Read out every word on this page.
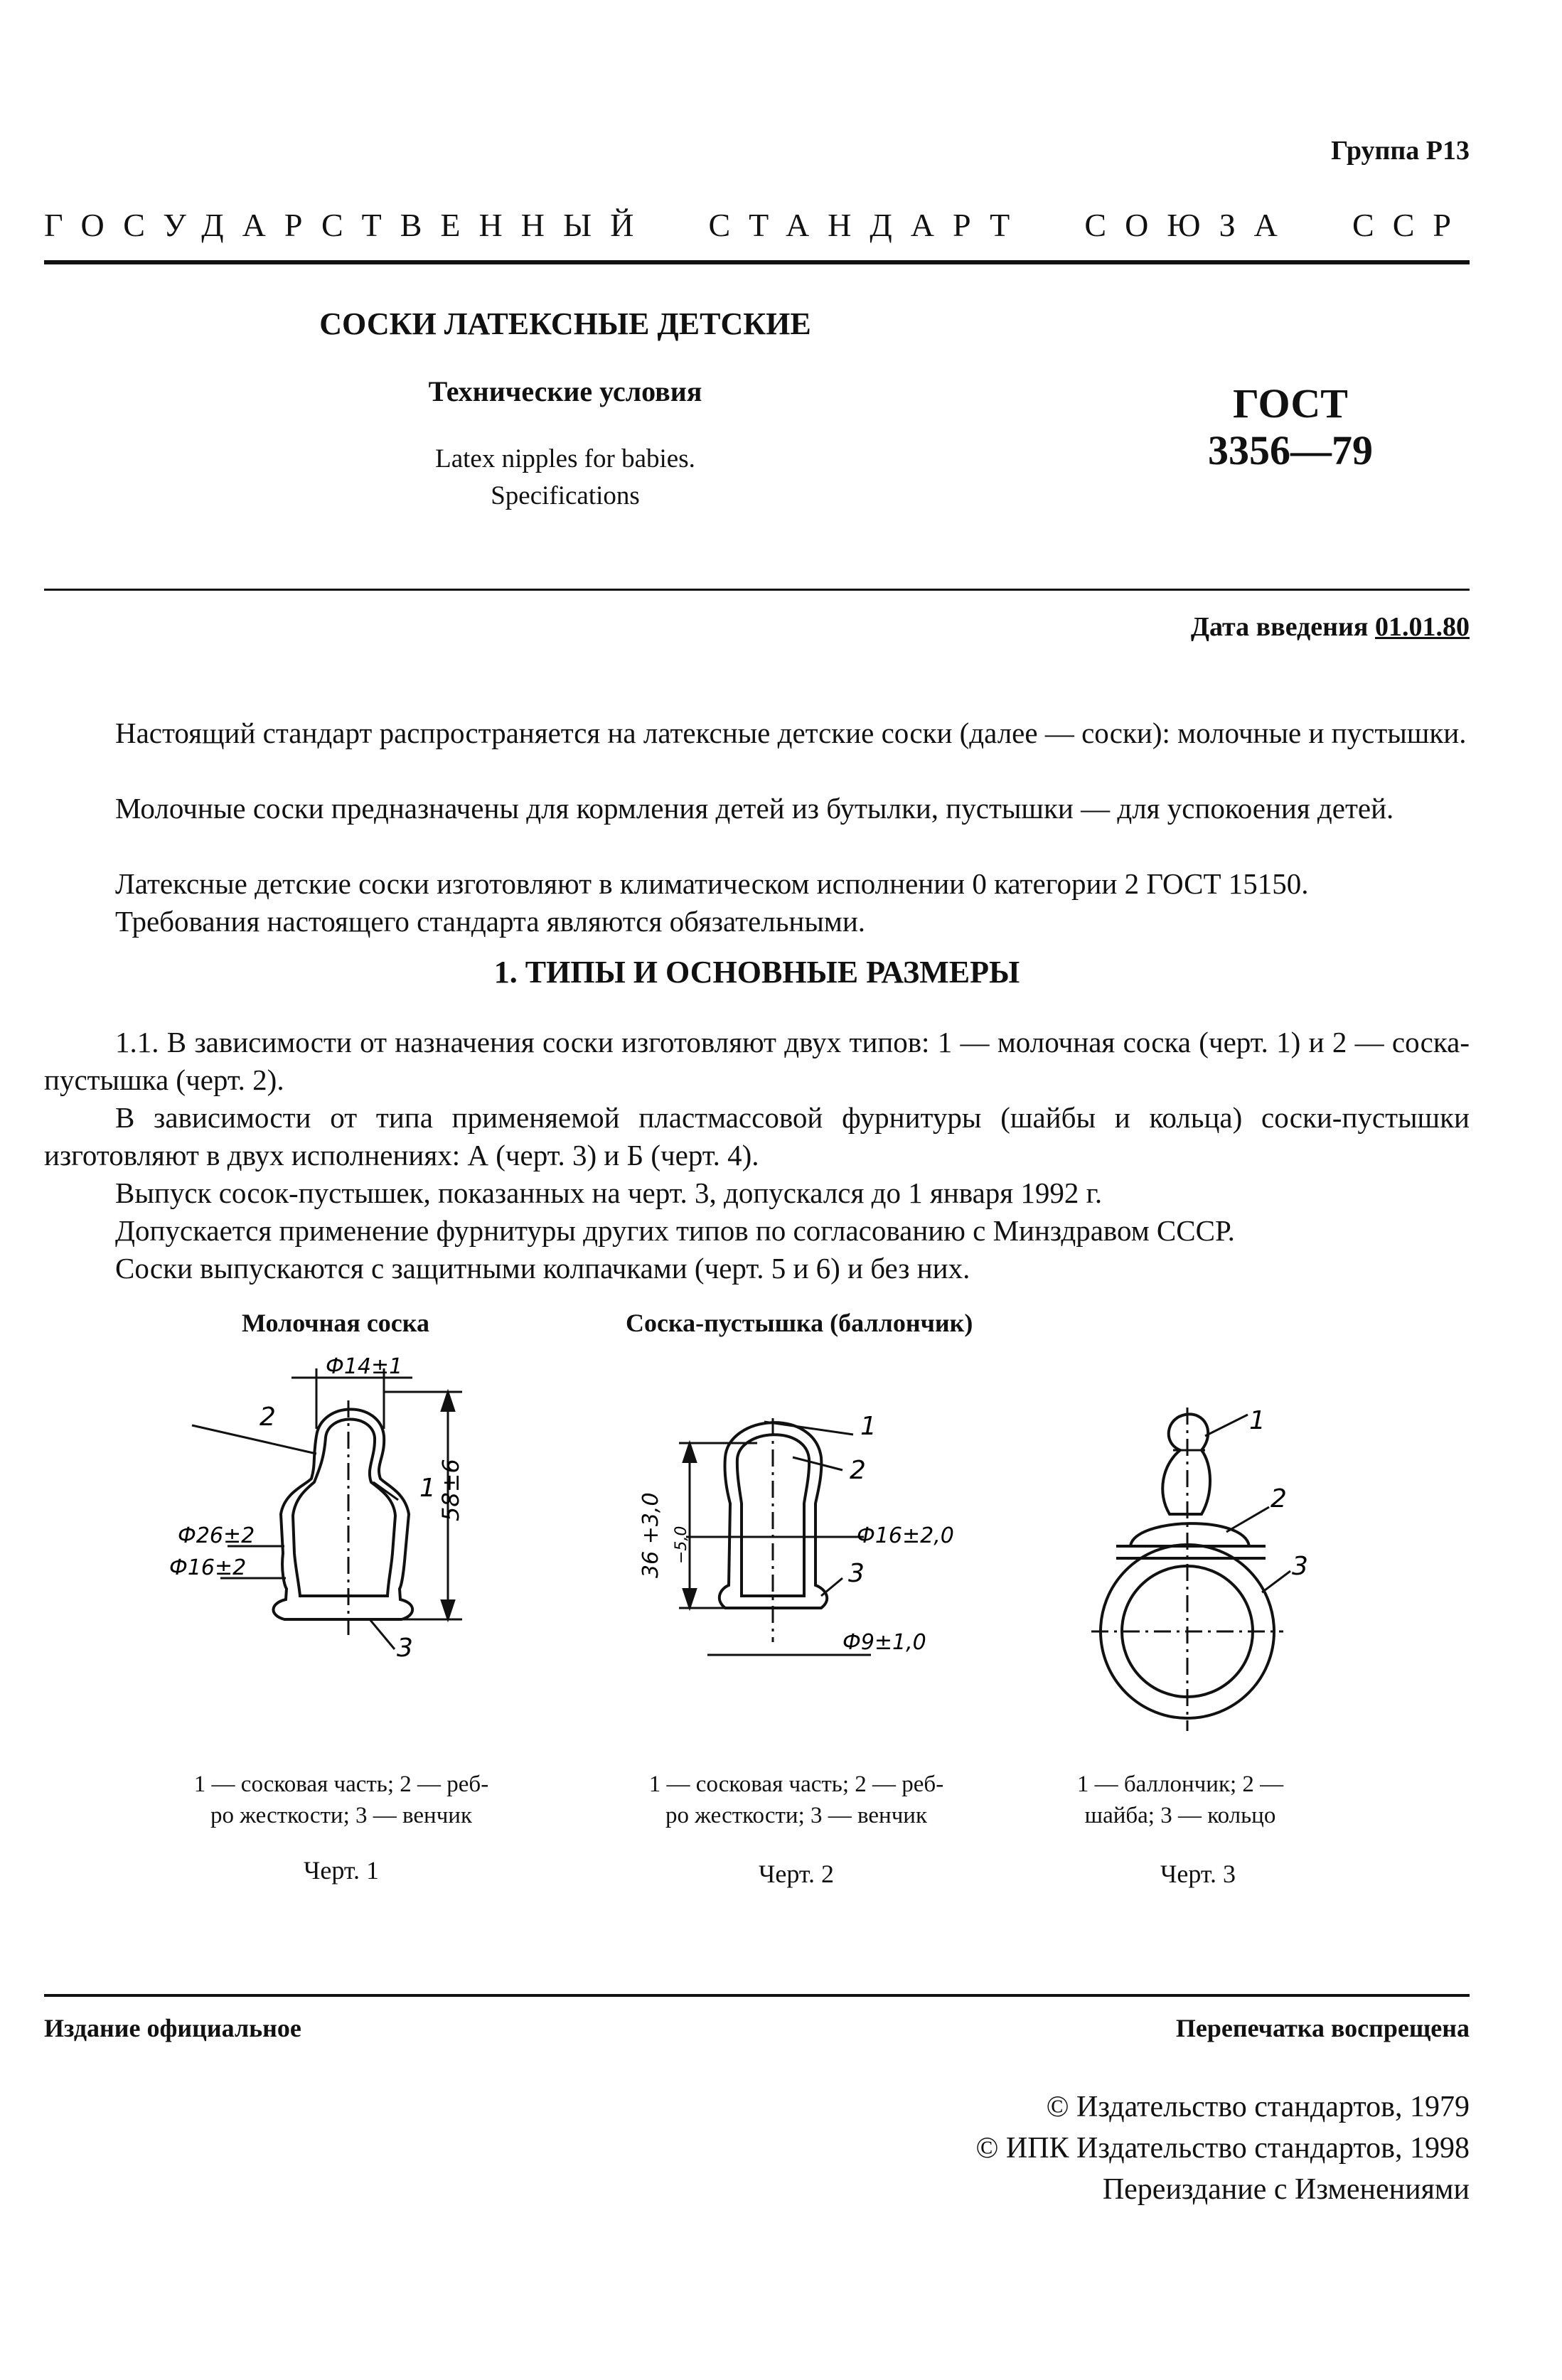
Группа Р13
ГОСУДАРСТВЕННЫЙ СТАНДАРТ СОЮЗА ССР
СОСКИ ЛАТЕКСНЫЕ ДЕТСКИЕ
Технические условия
Latex nipples for babies.
Specifications
ГОСТ
3356—79
Дата введения 01.01.80
Настоящий стандарт распространяется на латексные детские соски (далее — соски): молочные и пустышки.
Молочные соски предназначены для кормления детей из бутылки, пустышки — для успокоения детей.
Латексные детские соски изготовляют в климатическом исполнении 0 категории 2 ГОСТ 15150.
Требования настоящего стандарта являются обязательными.
1. ТИПЫ И ОСНОВНЫЕ РАЗМЕРЫ
1.1. В зависимости от назначения соски изготовляют двух типов: 1 — молочная соска (черт. 1) и 2 — соска-пустышка (черт. 2).
В зависимости от типа применяемой пластмассовой фурнитуры (шайбы и кольца) соски-пустышки изготовляют в двух исполнениях: А (черт. 3) и Б (черт. 4).
Выпуск сосок-пустышек, показанных на черт. 3, допускался до 1 января 1992 г.
Допускается применение фурнитуры других типов по согласованию с Минздравом СССР.
Соски выпускаются с защитными колпачками (черт. 5 и 6) и без них.
Молочная соска	Соска-пустышка (баллончик)
Ф14±1
58±6
Ф26±2
Ф16±2
2
1
3
36 +3,0 −5,0	Ф16±2,0
Ф9±1,0
1
2
3
1
2
3
1 — сосковая часть; 2 — реб-
ро жесткости; 3 — венчик
1 — сосковая часть; 2 — реб-
ро жесткости; 3 — венчик
1 — баллончик; 2 —
шайба; 3 — кольцо
Черт. 1	Черт. 2	Черт. 3
Издание официальное	Перепечатка воспрещена
© Издательство стандартов, 1979
© ИПК Издательство стандартов, 1998
Переиздание с Изменениями
